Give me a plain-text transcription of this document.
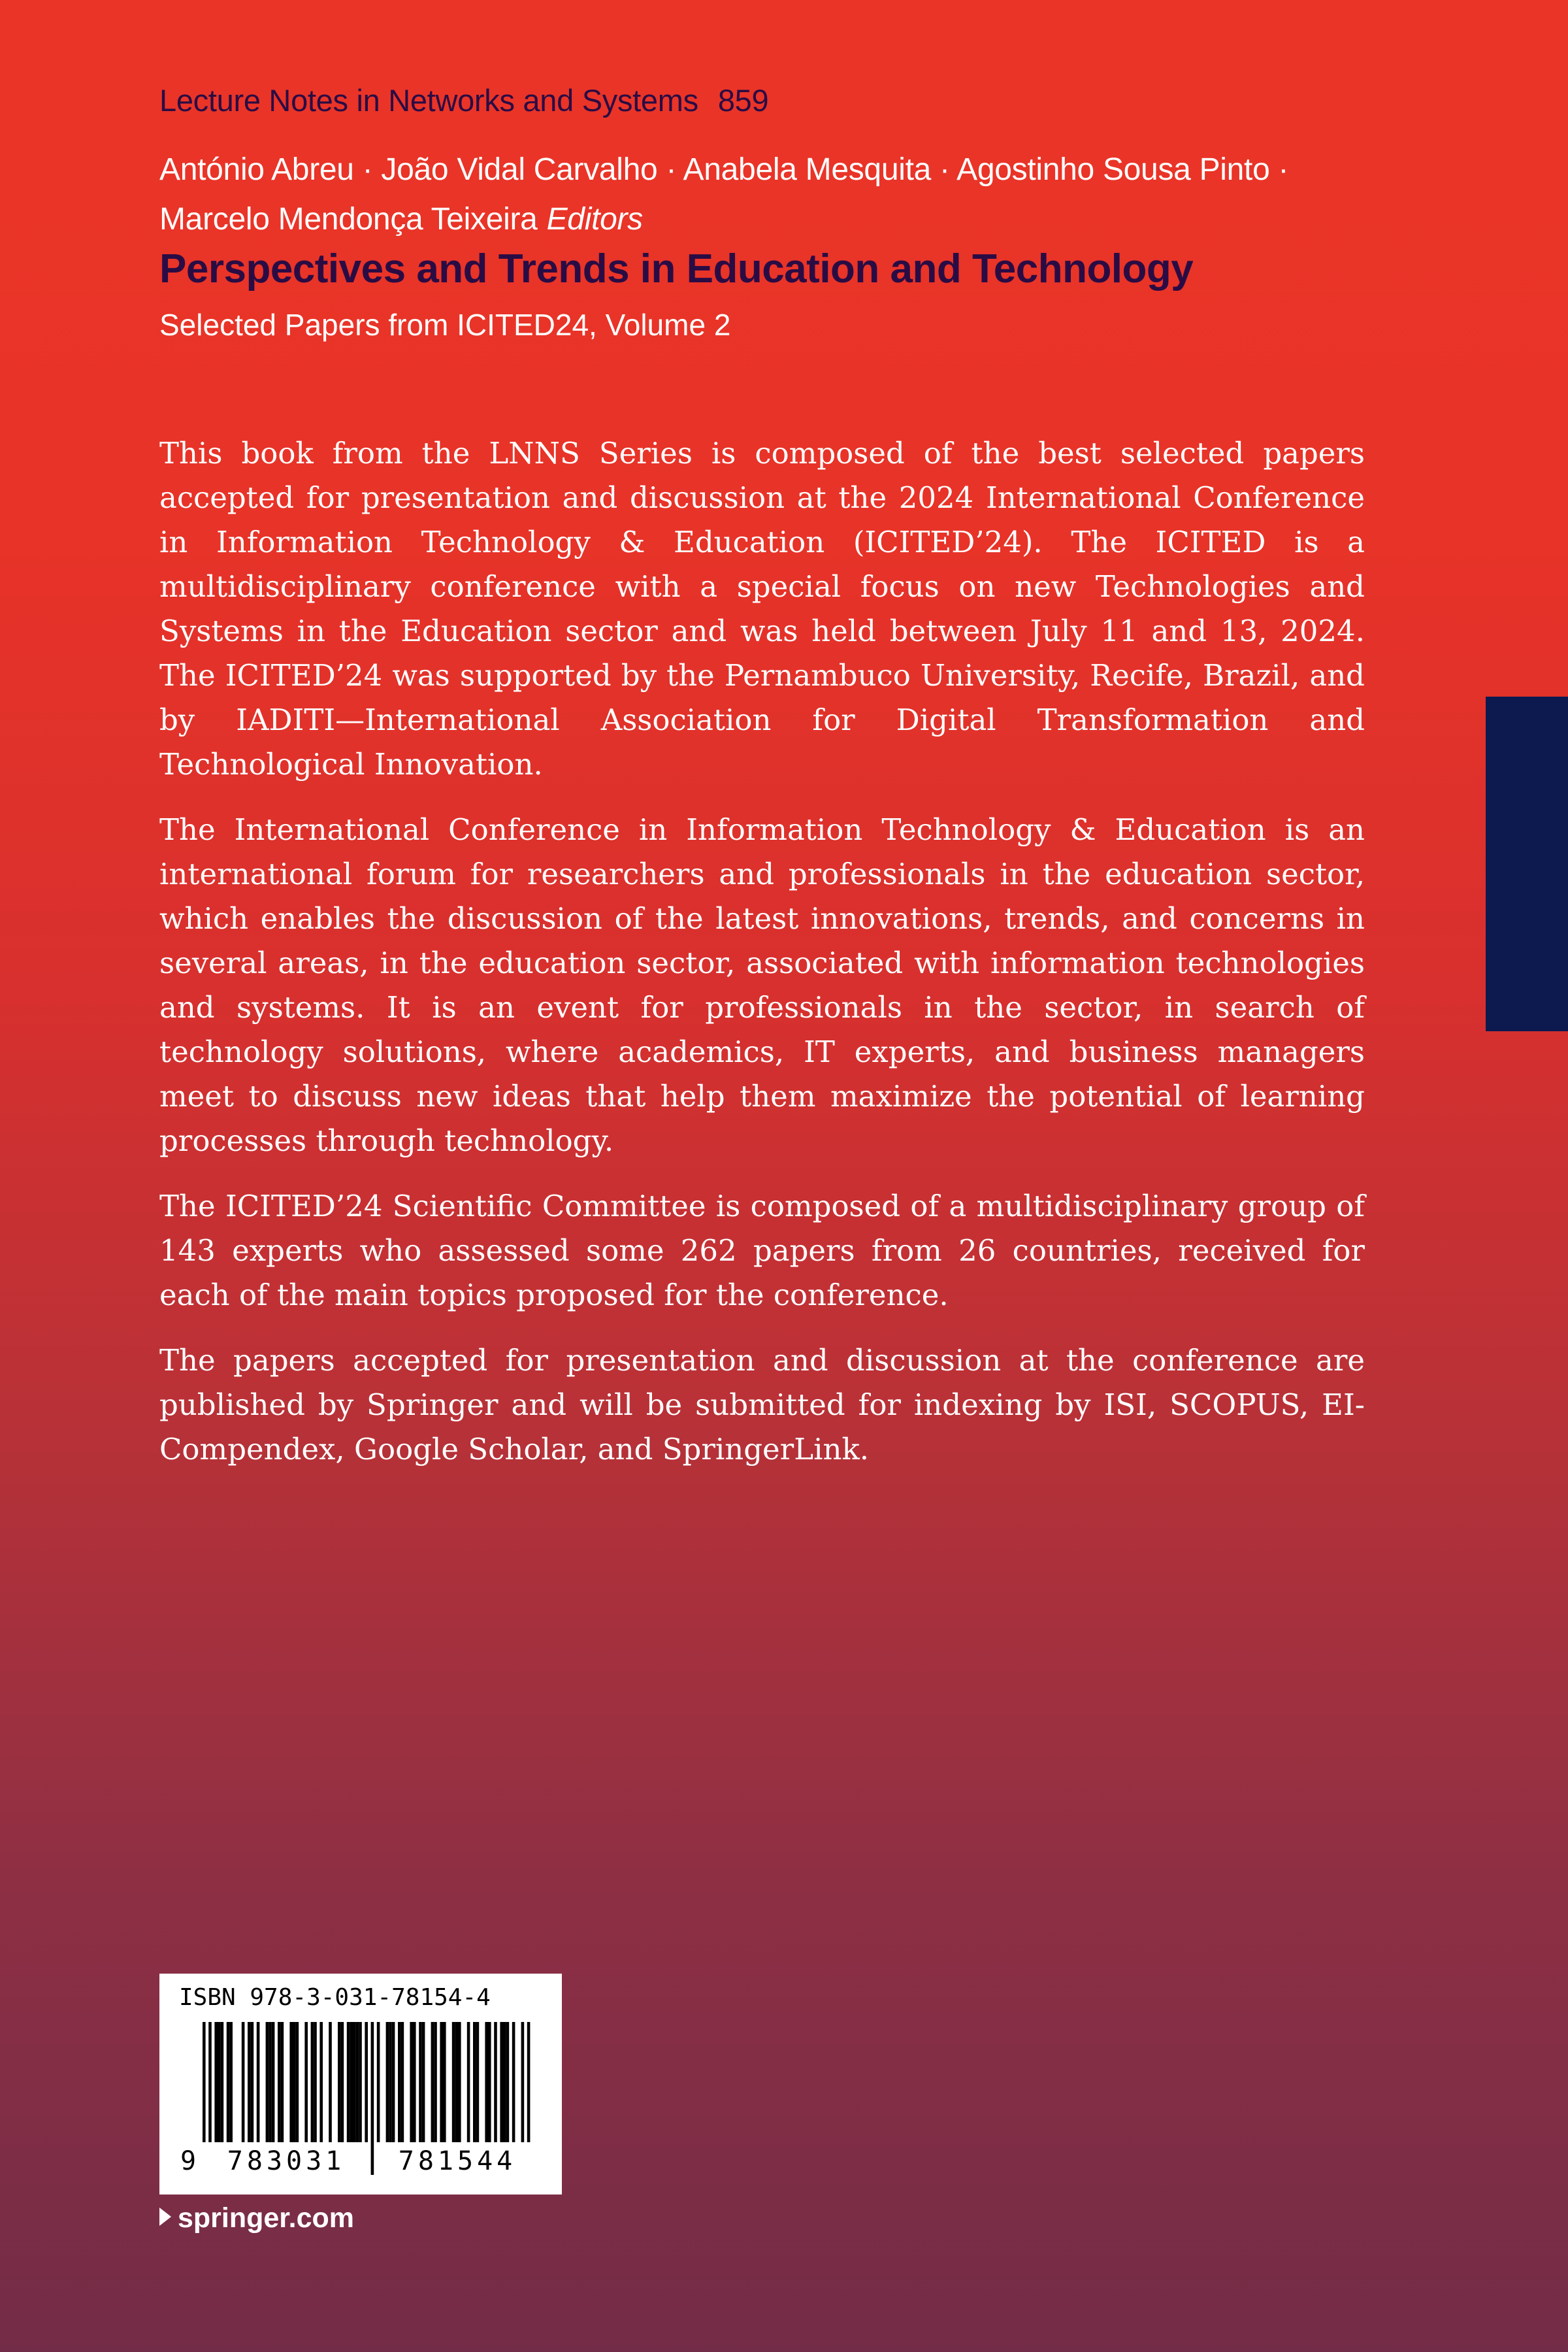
Lecture Notes in Networks and Systems 859
António Abreu · João Vidal Carvalho · Anabela Mesquita · Agostinho Sousa Pinto ·
Marcelo Mendonça Teixeira Editors
Perspectives and Trends in Education and Technology
Selected Papers from ICITED24, Volume 2

This book from the LNNS Series is composed of the best selected papers accepted for presentation and discussion at the 2024 International Conference in Information Technology & Education (ICITED’24). The ICITED is a multidisciplinary conference with a special focus on new Technologies and Systems in the Education sector and was held between July 11 and 13, 2024. The ICITED’24 was supported by the Pernambuco University, Recife, Brazil, and by IADITI—International Association for Digital Transformation and Technological Innovation.

The International Conference in Information Technology & Education is an international forum for researchers and professionals in the education sector, which enables the discussion of the latest innovations, trends, and concerns in several areas, in the education sector, associated with information technologies and systems. It is an event for professionals in the sector, in search of technology solutions, where academics, IT experts, and business managers meet to discuss new ideas that help them maximize the potential of learning processes through technology.

The ICITED’24 Scientific Committee is composed of a multidisciplinary group of 143 experts who assessed some 262 papers from 26 countries, received for each of the main topics proposed for the conference.

The papers accepted for presentation and discussion at the conference are published by Springer and will be submitted for indexing by ISI, SCOPUS, EI-Compendex, Google Scholar, and SpringerLink.

ISBN 978-3-031-78154-4
9 783031 781544
springer.com
